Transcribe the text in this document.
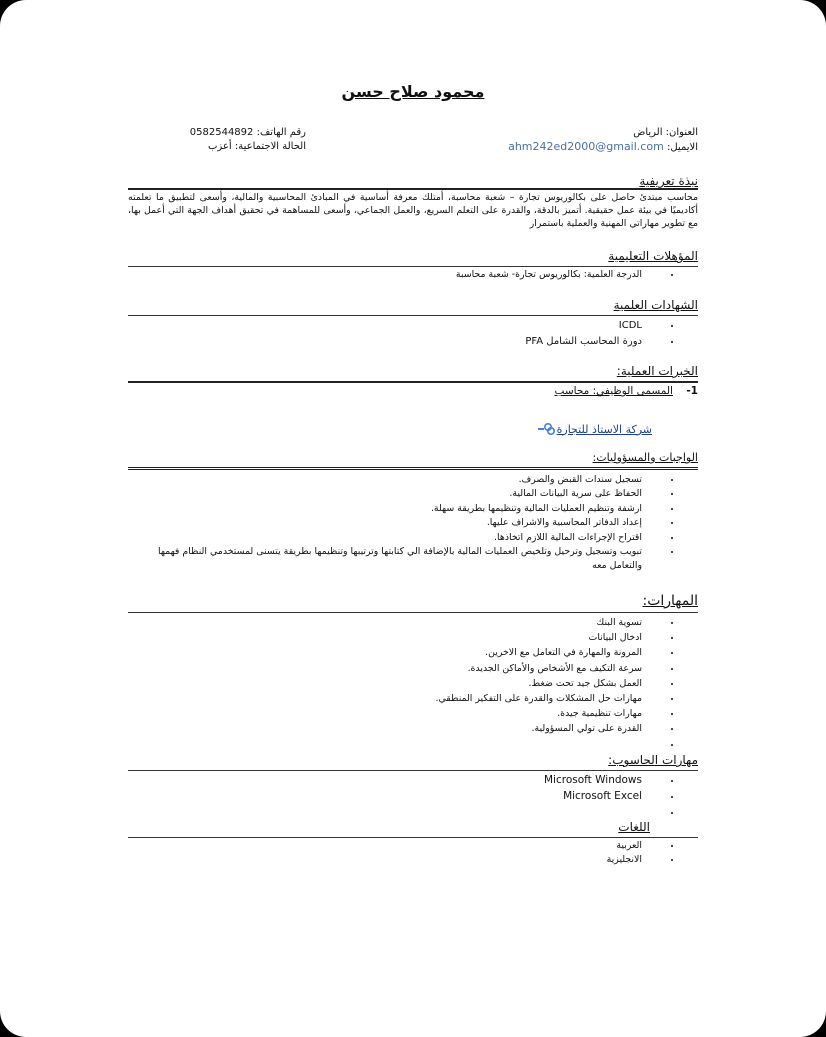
محمود صلاح حسن
العنوان: الرياض
الايميل: ahm242ed2000@gmail.com
رقم الهاتف: 0582544892
الحالة الاجتماعية: أعزب
نبذة تعريفية
محاسب مبتدئ حاصل على بكالوريوس تجارة – شعبة محاسبة، أمتلك معرفة أساسية في المبادئ المحاسبية والمالية، وأسعى لتطبيق ما تعلمته أكاديميًا في بيئة عمل حقيقية. أتميز بالدقة، والقدرة على التعلم السريع، والعمل الجماعي، وأسعى للمساهمة في تحقيق أهداف الجهة التي أعمل بها، مع تطوير مهاراتي المهنية والعملية باستمرار
المؤهلات التعليمية
• الدرجة العلمية: بكالوريوس تجارة- شعبة محاسبة
الشهادات العلمية
• ICDL
• دورة المحاسب الشامل PFA
الخبرات العملية:
-1 المسمى الوظيفي: محاسب
شركة الاستاذ للتجارة
الواجبات والمسؤوليات:
• تسجيل سندات القبض والصرف.
• الحفاظ على سرية البيانات المالية.
• ارشفة وتنظيم العمليات المالية وتنظيمها بطريقة سهلة.
• إعداد الدفاتر المحاسبية والاشراف عليها.
• اقتراح الإجراءات المالية اللازم اتخاذها.
• تبويب وتسجيل وترحيل وتلخيص العمليات المالية بالإضافة الي كتابتها وترتيبها وتنظيمها بطريقة يتسنى لمستخدمي النظام فهمها والتعامل معه
المهارات:
• تسوية البنك
• ادخال البيانات
• المرونة والمهارة في التعامل مع الاخرين.
• سرعة التكيف مع الأشخاص والأماكن الجديدة.
• العمل بشكل جيد تحت ضغط.
• مهارات حل المشكلات والقدرة على التفكير المنطقي.
• مهارات تنظيمية جيدة.
• القدرة على تولي المسؤولية.
•
مهارات الحاسوب:
• Microsoft Windows
• Microsoft Excel
•
اللغات
• العربية
• الانجليزية
